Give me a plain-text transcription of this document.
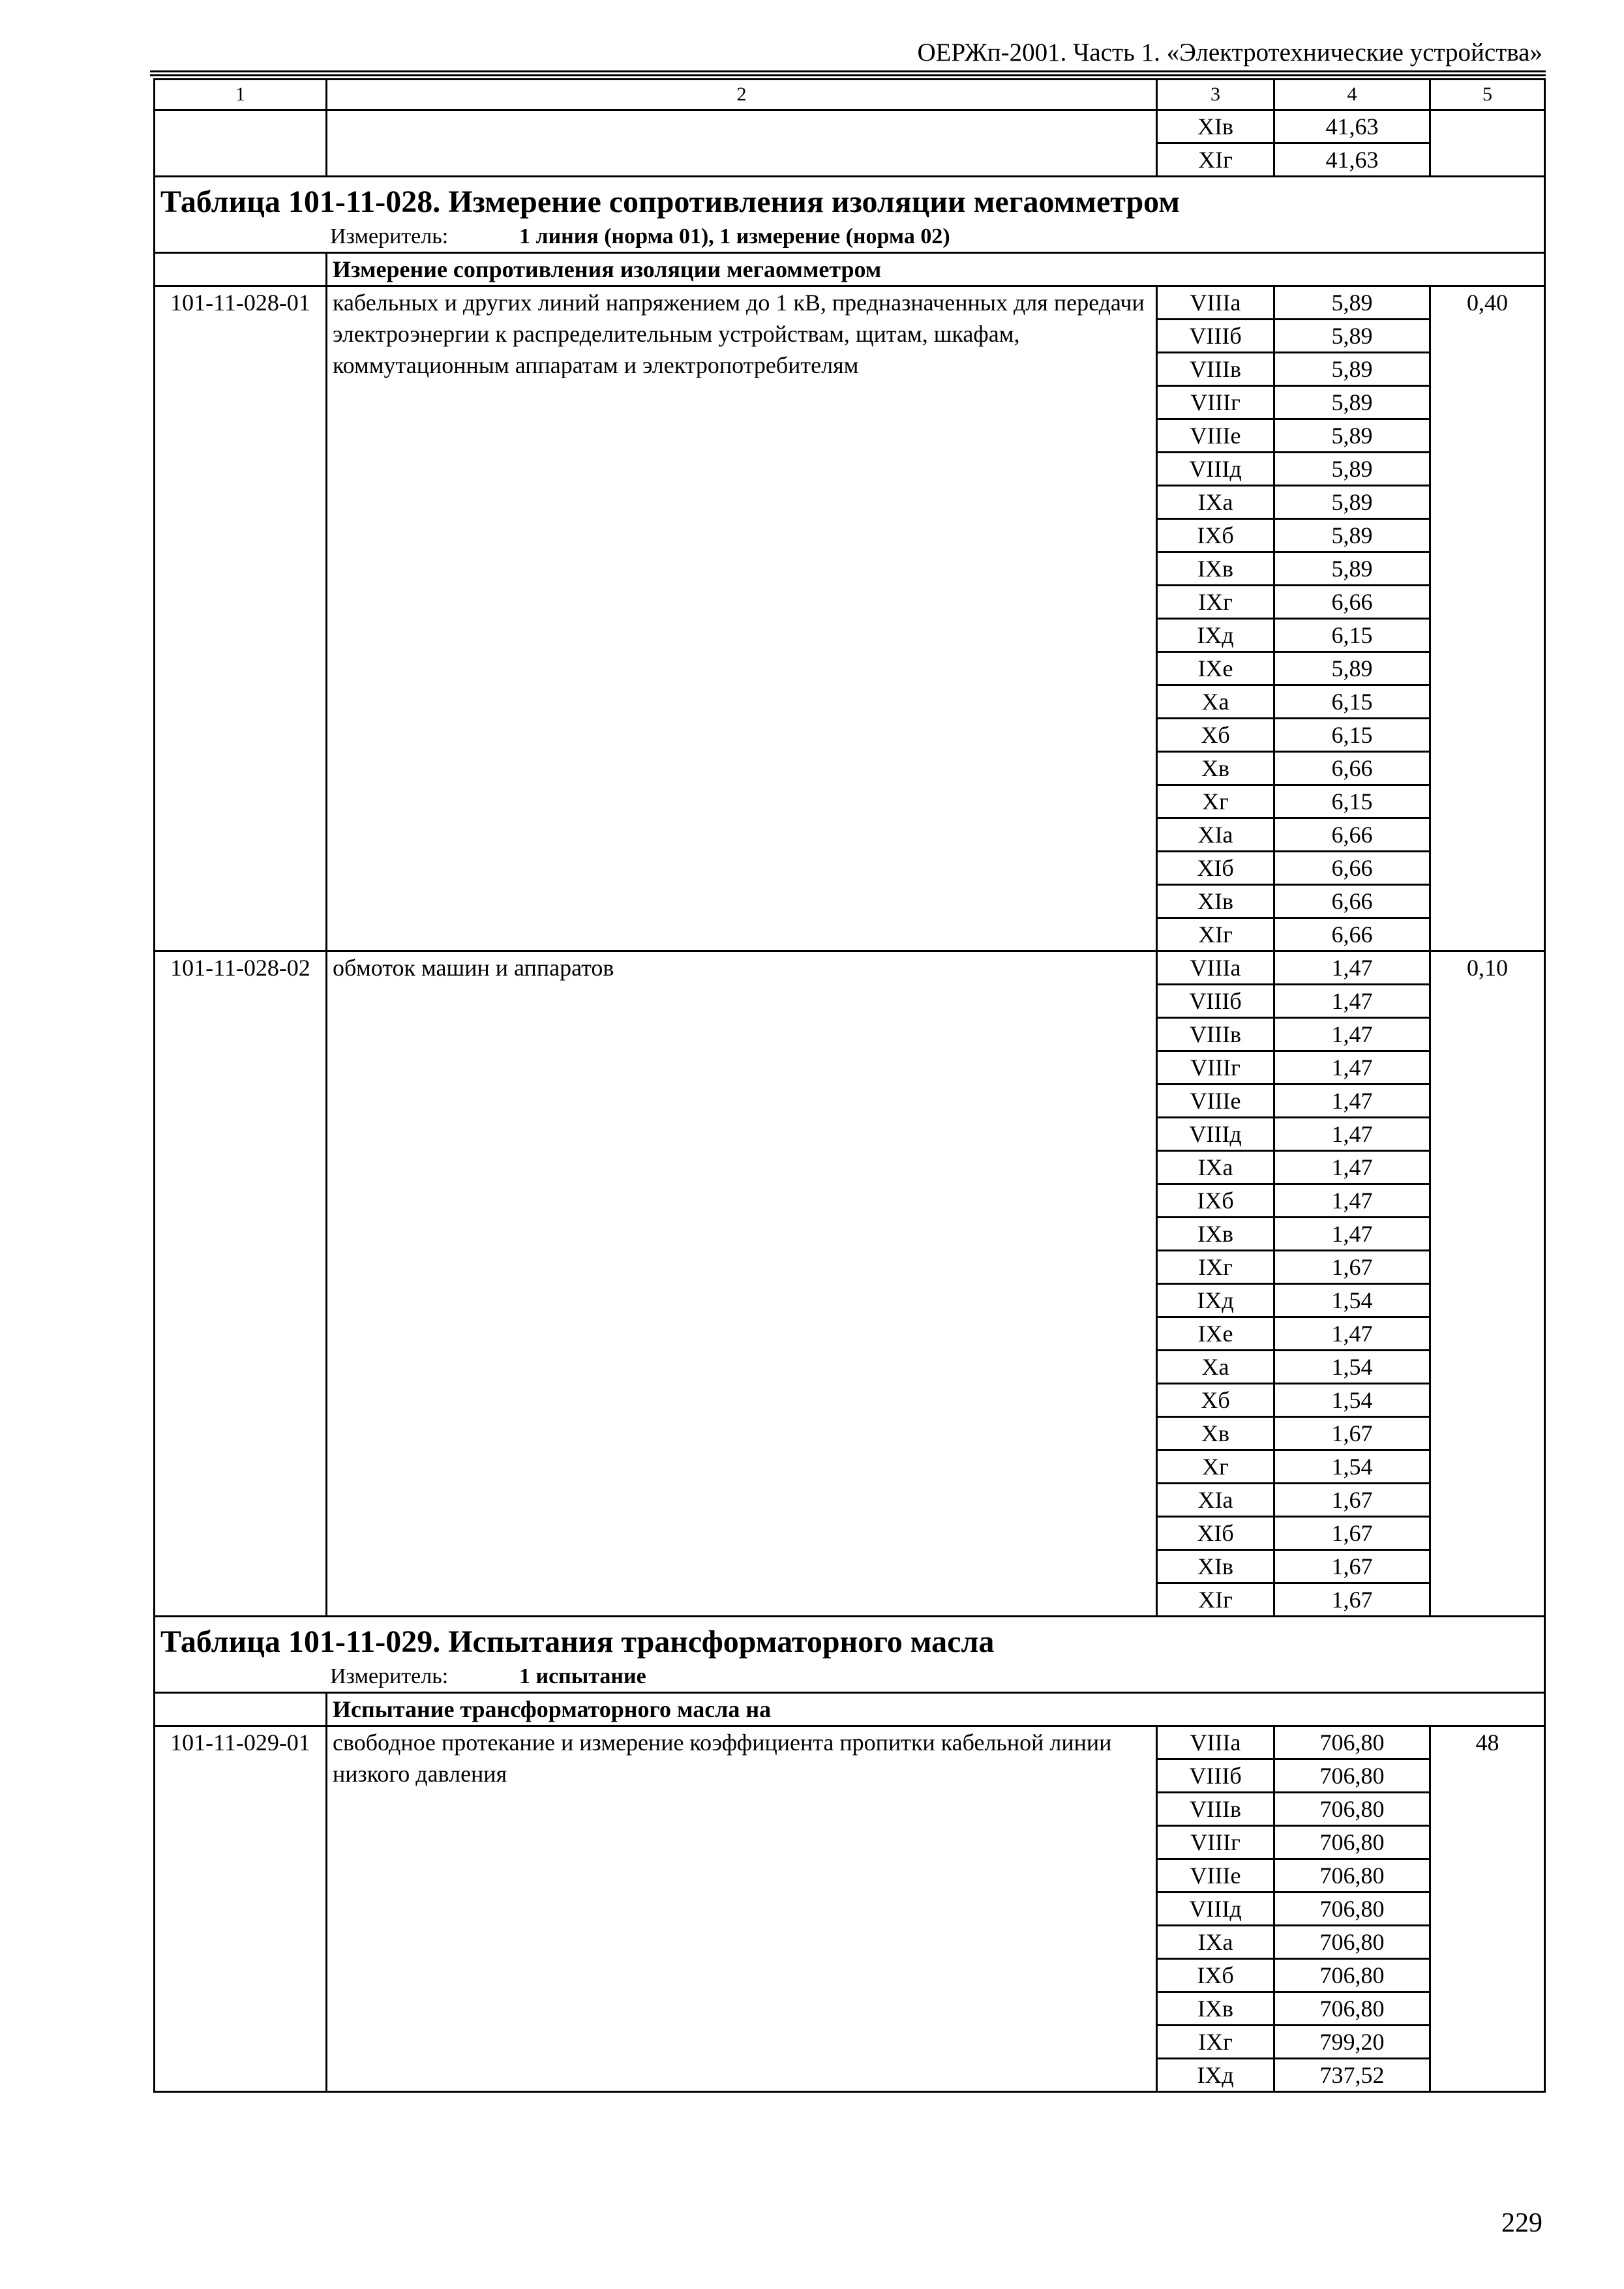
ОЕРЖп-2001. Часть 1. «Электротехнические устройства»
1	2	3	4	5
		XIв	41,63	
		XIг	41,63	

Таблица 101-11-028. Измерение сопротивления изоляции мегаомметром
Измеритель: 1 линия (норма 01), 1 измерение (норма 02)				

	Измерение сопротивления изоляции мегаомметром			
101-11-028-01	кабельных и других линий напряжением до 1 кВ, предназначенных для передачи электроэнергии к распределительным устройствам, щитам, шкафам, коммутационным аппаратам и электропотребителям	VIIIа	5,89	0,40
		VIIIб	5,89	
		VIIIв	5,89	
		VIIIг	5,89	
		VIIIе	5,89	
		VIIIд	5,89	
		IXа	5,89	
		IXб	5,89	
		IXв	5,89	
		IXг	6,66	
		IXд	6,15	
		IXе	5,89	
		Xа	6,15	
		Xб	6,15	
		Xв	6,66	
		Xг	6,15	
		XIа	6,66	
		XIб	6,66	
		XIв	6,66	
		XIг	6,66	
101-11-028-02	обмоток машин и аппаратов	VIIIа	1,47	0,10
		VIIIб	1,47	
		VIIIв	1,47	
		VIIIг	1,47	
		VIIIе	1,47	
		VIIIд	1,47	
		IXа	1,47	
		IXб	1,47	
		IXв	1,47	
		IXг	1,67	
		IXд	1,54	
		IXе	1,47	
		Xа	1,54	
		Xб	1,54	
		Xв	1,67	
		Xг	1,54	
		XIа	1,67	
		XIб	1,67	
		XIв	1,67	
		XIг	1,67	

Таблица 101-11-029. Испытания трансформаторного масла
Измеритель: 1 испытание				

	Испытание трансформаторного масла на			
101-11-029-01	свободное протекание и измерение коэффициента пропитки кабельной линии низкого давления	VIIIа	706,80	48
		VIIIб	706,80	
		VIIIв	706,80	
		VIIIг	706,80	
		VIIIе	706,80	
		VIIIд	706,80	
		IXа	706,80	
		IXб	706,80	
		IXв	706,80	
		IXг	799,20	
		IXд	737,52	
229
